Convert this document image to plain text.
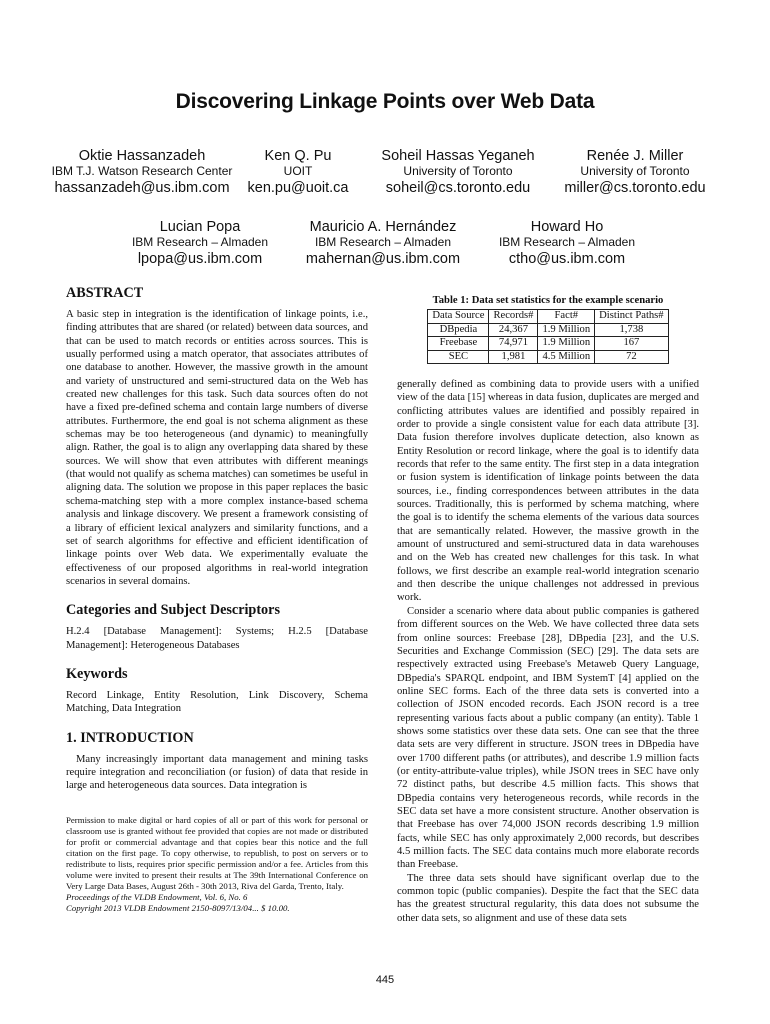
Discovering Linkage Points over Web Data
Oktie Hassanzadeh
IBM T.J. Watson Research Center
hassanzadeh@us.ibm.com
Ken Q. Pu
UOIT
ken.pu@uoit.ca
Soheil Hassas Yeganeh
University of Toronto
soheil@cs.toronto.edu
Renée J. Miller
University of Toronto
miller@cs.toronto.edu
Lucian Popa
IBM Research – Almaden
lpopa@us.ibm.com
Mauricio A. Hernández
IBM Research – Almaden
mahernan@us.ibm.com
Howard Ho
IBM Research – Almaden
ctho@us.ibm.com
ABSTRACT

A basic step in integration is the identification of linkage points, i.e., finding attributes that are shared (or related) between data sources, and that can be used to match records or entities across sources. This is usually performed using a match operator, that associates attributes of one database to another. However, the massive growth in the amount and variety of unstructured and semi-structured data on the Web has created new challenges for this task. Such data sources often do not have a fixed pre-defined schema and contain large numbers of diverse attributes. Furthermore, the end goal is not schema alignment as these schemas may be too heterogeneous (and dynamic) to meaningfully align. Rather, the goal is to align any overlapping data shared by these sources. We will show that even attributes with different meanings (that would not qualify as schema matches) can sometimes be useful in aligning data. The solution we propose in this paper replaces the basic schema-matching step with a more complex instance-based schema analysis and linkage discovery. We present a framework consisting of a library of efficient lexical analyzers and similarity functions, and a set of search algorithms for effective and efficient identification of linkage points over Web data. We experimentally evaluate the effectiveness of our proposed algorithms in real-world integration scenarios in several domains.

Categories and Subject Descriptors

H.2.4 [Database Management]: Systems; H.2.5 [Database Management]: Heterogeneous Databases

Keywords

Record Linkage, Entity Resolution, Link Discovery, Schema Matching, Data Integration

1. INTRODUCTION

Many increasingly important data management and mining tasks require integration and reconciliation (or fusion) of data that reside in large and heterogeneous data sources. Data integration is

Permission to make digital or hard copies of all or part of this work for personal or classroom use is granted without fee provided that copies are not made or distributed for profit or commercial advantage and that copies bear this notice and the full citation on the first page. To copy otherwise, to republish, to post on servers or to redistribute to lists, requires prior specific permission and/or a fee. Articles from this volume were invited to present their results at The 39th International Conference on Very Large Data Bases, August 26th - 30th 2013, Riva del Garda, Trento, Italy.

Proceedings of the VLDB Endowment, Vol. 6, No. 6

Copyright 2013 VLDB Endowment 2150-8097/13/04... $ 10.00.

Table 1: Data set statistics for the example scenario
Data Source	Records#	Fact#	Distinct Paths#
DBpedia	24,367	1.9 Million	1,738
Freebase	74,971	1.9 Million	167
SEC	1,981	4.5 Million	72

generally defined as combining data to provide users with a unified view of the data [15] whereas in data fusion, duplicates are merged and conflicting attributes values are identified and possibly repaired in order to provide a single consistent value for each data attribute [3]. Data fusion therefore involves duplicate detection, also known as Entity Resolution or record linkage, where the goal is to identify data records that refer to the same entity. The first step in a data integration or fusion system is identification of linkage points between the data sources, i.e., finding correspondences between attributes in the data sources. Traditionally, this is performed by schema matching, where the goal is to identify the schema elements of the various data sources that are semantically related. However, the massive growth in the amount of unstructured and semi-structured data in data warehouses and on the Web has created new challenges for this task. In what follows, we first describe an example real-world integration scenario and then describe the unique challenges not addressed in previous work.

Consider a scenario where data about public companies is gathered from different sources on the Web. We have collected three data sets from online sources: Freebase [28], DBpedia [23], and the U.S. Securities and Exchange Commission (SEC) [29]. The data sets are respectively extracted using Freebase's Metaweb Query Language, DBpedia's SPARQL endpoint, and IBM SystemT [4] applied on the online SEC forms. Each of the three data sets is converted into a collection of JSON encoded records. Each JSON record is a tree representing various facts about a public company (an entity). Table 1 shows some statistics over these data sets. One can see that the three data sets are very different in structure. JSON trees in DBpedia have over 1700 different paths (or attributes), and describe 1.9 million facts (or entity-attribute-value triples), while JSON trees in SEC have only 72 distinct paths, but describe 4.5 million facts. This shows that DBpedia contains very heterogeneous records, while records in the SEC data set have a more consistent structure. Another observation is that Freebase has over 74,000 JSON records describing 1.9 million facts, while SEC has only approximately 2,000 records, but describes 4.5 million facts. The SEC data contains much more elaborate records than Freebase.

The three data sets should have significant overlap due to the common topic (public companies). Despite the fact that the SEC data has the greatest structural regularity, this data does not subsume the other data sets, so alignment and use of these data sets

445
